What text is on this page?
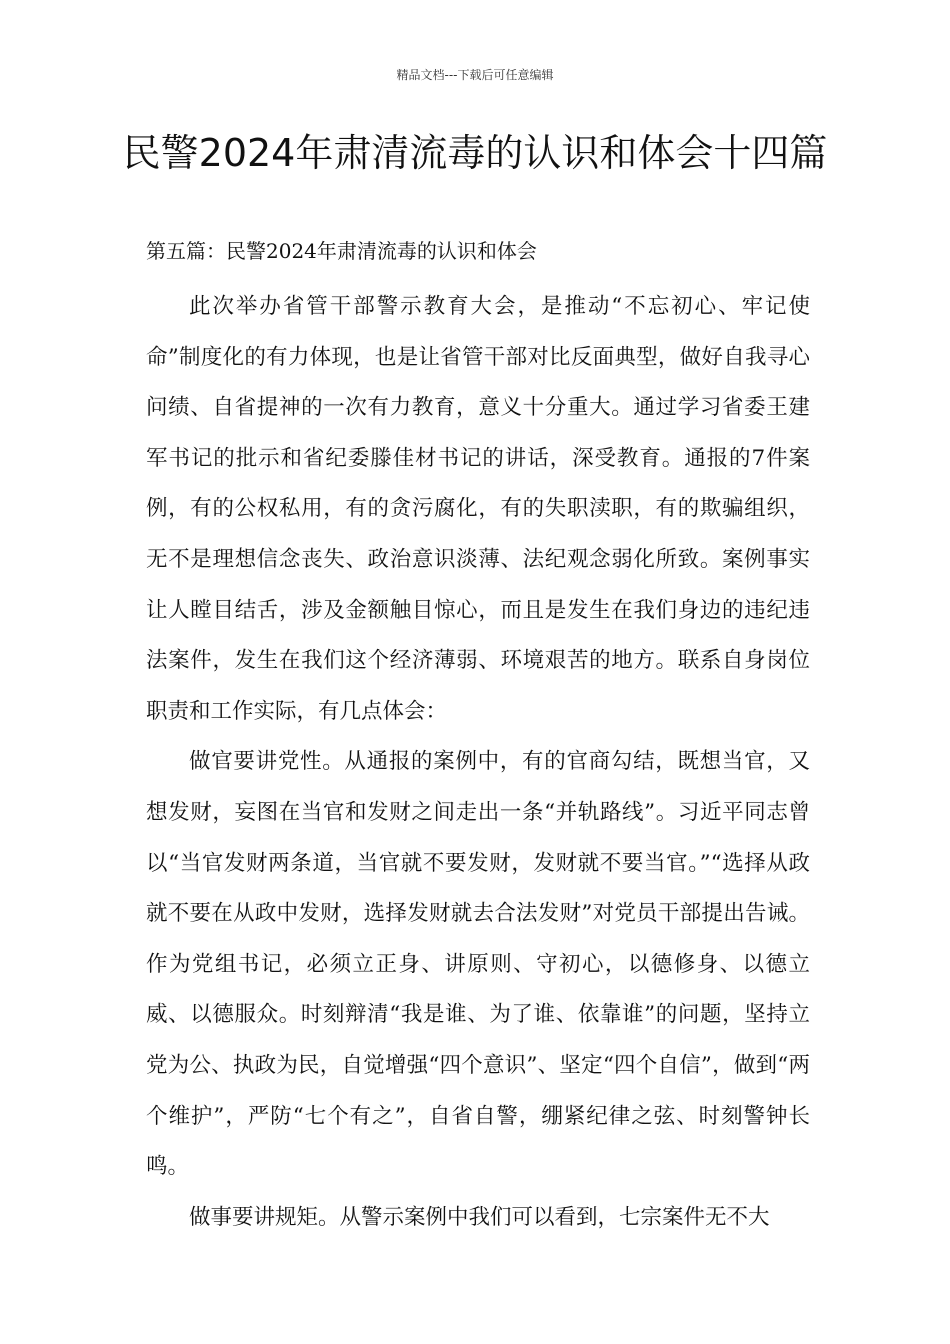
精品文档---下载后可任意编辑
民警2024年肃清流毒的认识和体会十四篇
第五篇：民警2024年肃清流毒的认识和体会

此次举办省管干部警示教育大会，是推动“不忘初心、牢记使命”制度化的有力体现，也是让省管干部对比反面典型，做好自我寻心问绩、自省提神的一次有力教育，意义十分重大。通过学习省委王建军书记的批示和省纪委滕佳材书记的讲话，深受教育。通报的7件案例，有的公权私用，有的贪污腐化，有的失职渎职，有的欺骗组织，无不是理想信念丧失、政治意识淡薄、法纪观念弱化所致。案例事实让人瞠目结舌，涉及金额触目惊心，而且是发生在我们身边的违纪违法案件，发生在我们这个经济薄弱、环境艰苦的地方。联系自身岗位职责和工作实际，有几点体会：

做官要讲党性。从通报的案例中，有的官商勾结，既想当官，又想发财，妄图在当官和发财之间走出一条“并轨路线”。习近平同志曾以“当官发财两条道，当官就不要发财，发财就不要当官。”“选择从政就不要在从政中发财，选择发财就去合法发财”对党员干部提出告诫。作为党组书记，必须立正身、讲原则、守初心，以德修身、以德立威、以德服众。时刻辩清“我是谁、为了谁、依靠谁”的问题，坚持立党为公、执政为民，自觉增强“四个意识”、坚定“四个自信”，做到“两个维护”，严防“七个有之”，自省自警，绷紧纪律之弦、时刻警钟长鸣。

做事要讲规矩。从警示案例中我们可以看到，七宗案件无不大
